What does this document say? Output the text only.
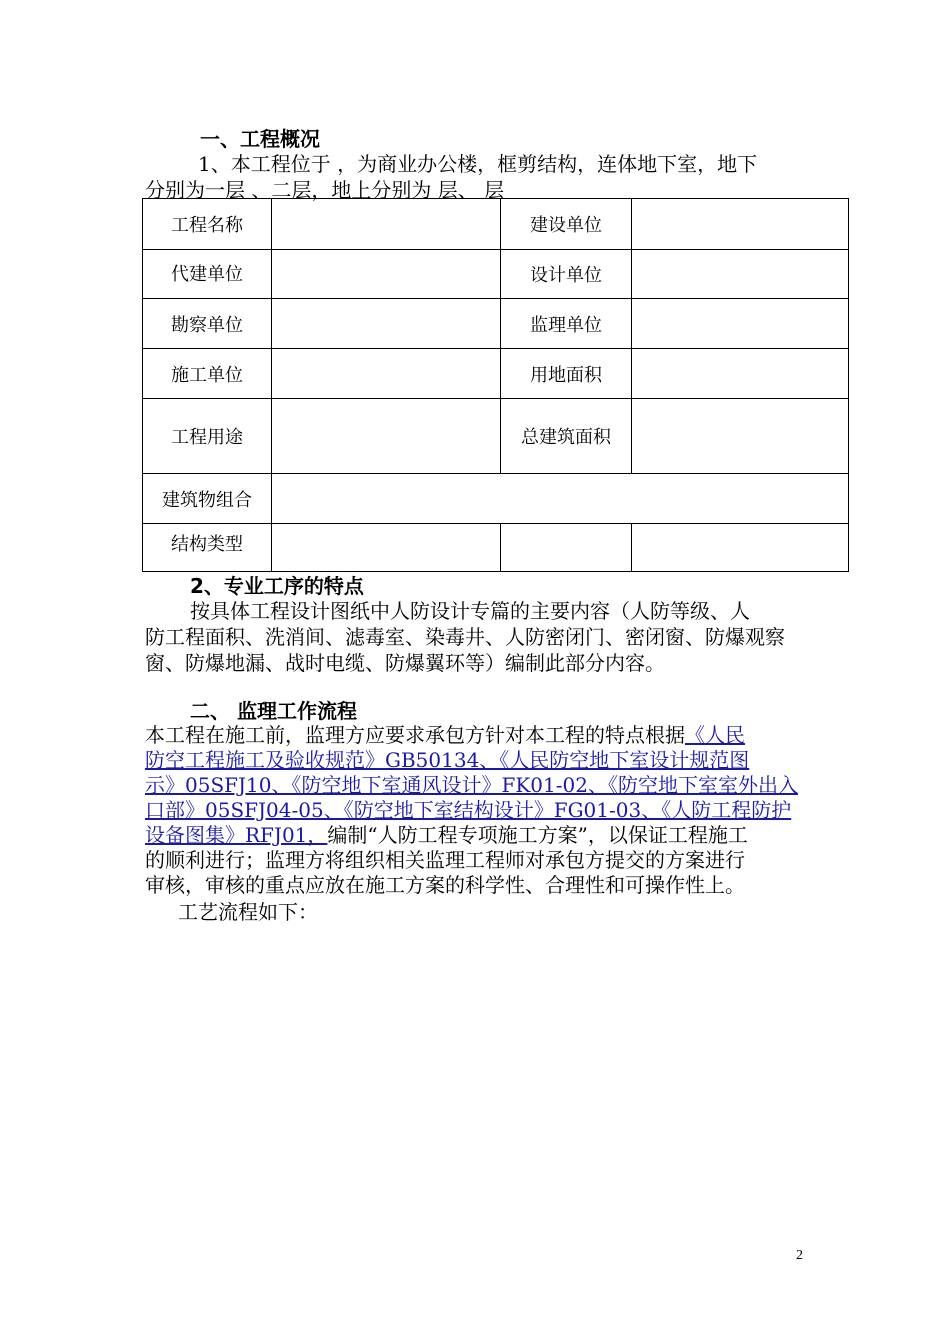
一、工程概况
1、本工程位于 ，为商业办公楼，框剪结构，连体地下室，地下
分别为一层 、二层，地上分别为 层、 层
工程名称		建设单位	
代建单位		设计单位	
勘察单位		监理单位	
施工单位		用地面积	
工程用途		总建筑面积	
建筑物组合			
结构类型			
2、专业工序的特点
按具体工程设计图纸中人防设计专篇的主要内容（人防等级、人
防工程面积、洗消间、滤毒室、染毒井、人防密闭门、密闭窗、防爆观察
窗、防爆地漏、战时电缆、防爆翼环等）编制此部分内容。
二、 监理工作流程
本工程在施工前，监理方应要求承包方针对本工程的特点根据《人民
防空工程施工及验收规范》GB50134、《人民防空地下室设计规范图
示》05SFJ10、《防空地下室通风设计》FK01-02、《防空地下室室外出入
口部》05SFJ04-05、《防空地下室结构设计》FG01-03、《人防工程防护
设备图集》RFJ01，编制“人防工程专项施工方案”，以保证工程施工
的顺利进行；监理方将组织相关监理工程师对承包方提交的方案进行
审核，审核的重点应放在施工方案的科学性、合理性和可操作性上。
工艺流程如下：
2
